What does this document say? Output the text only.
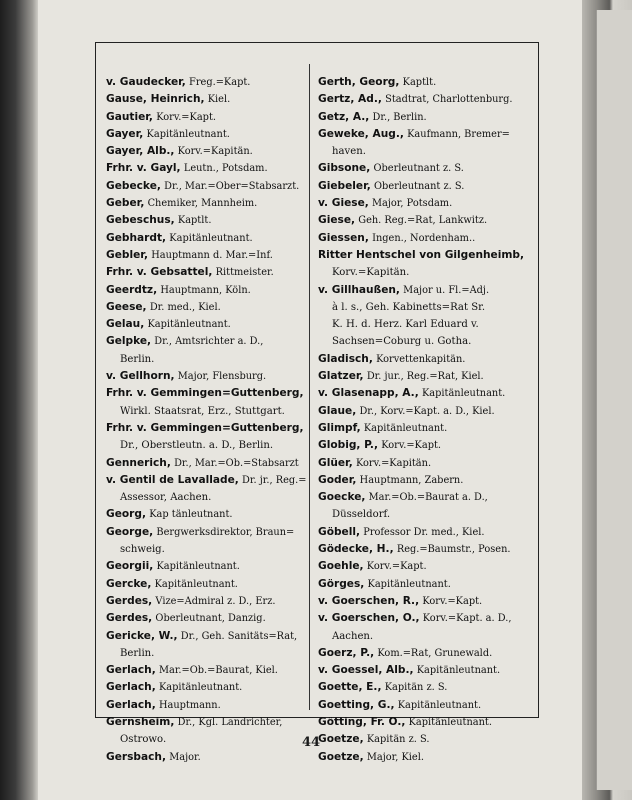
v. Gaudecker, Freg.=Kapt.
Gause, Heinrich, Kiel.
Gautier, Korv.=Kapt.
Gayer, Kapitänleutnant.
Gayer, Alb., Korv.=Kapitän.
Frhr. v. Gayl, Leutn., Potsdam.
Gebecke, Dr., Mar.=Ober=Stabsarzt.
Geber, Chemiker, Mannheim.
Gebeschus, Kaptlt.
Gebhardt, Kapitänleutnant.
Gebler, Hauptmann d. Mar.=Inf.
Frhr. v. Gebsattel, Rittmeister.
Geerdtz, Hauptmann, Köln.
Geese, Dr. med., Kiel.
Gelau, Kapitänleutnant.
Gelpke, Dr., Amtsrichter a. D.,
Berlin.
v. Gellhorn, Major, Flensburg.
Frhr. v. Gemmingen=Guttenberg,
Wirkl. Staatsrat, Erz., Stuttgart.
Frhr. v. Gemmingen=Guttenberg,
Dr., Oberstleutn. a. D., Berlin.
Gennerich, Dr., Mar.=Ob.=Stabsarzt
v. Gentil de Lavallade, Dr. jr., Reg.=
Assessor, Aachen.
Georg, Kap tänleutnant.
George, Bergwerksdirektor, Braun=
schweig.
Georgii, Kapitänleutnant.
Gercke, Kapitänleutnant.
Gerdes, Vize=Admiral z. D., Erz.
Gerdes, Oberleutnant, Danzig.
Gericke, W., Dr., Geh. Sanitäts=Rat,
Berlin.
Gerlach, Mar.=Ob.=Baurat, Kiel.
Gerlach, Kapitänleutnant.
Gerlach, Hauptmann.
Gernsheim, Dr., Kgl. Landrichter,
Ostrowo.
Gersbach, Major.
Gerth, Georg, Kaptlt.
Gertz, Ad., Stadtrat, Charlottenburg.
Getz, A., Dr., Berlin.
Geweke, Aug., Kaufmann, Bremer=
haven.
Gibsone, Oberleutnant z. S.
Giebeler, Oberleutnant z. S.
v. Giese, Major, Potsdam.
Giese, Geh. Reg.=Rat, Lankwitz.
Giessen, Ingen., Nordenham..
Ritter Hentschel von Gilgenheimb,
Korv.=Kapitän.
v. Gillhaußen, Major u. Fl.=Adj.
à l. s., Geh. Kabinetts=Rat Sr.
K. H. d. Herz. Karl Eduard v.
Sachsen=Coburg u. Gotha.
Gladisch, Korvettenkapitän.
Glatzer, Dr. jur., Reg.=Rat, Kiel.
v. Glasenapp, A., Kapitänleutnant.
Glaue, Dr., Korv.=Kapt. a. D., Kiel.
Glimpf, Kapitänleutnant.
Globig, P., Korv.=Kapt.
Glüer, Korv.=Kapitän.
Goder, Hauptmann, Zabern.
Goecke, Mar.=Ob.=Baurat a. D.,
Düsseldorf.
Göbell, Professor Dr. med., Kiel.
Gödecke, H., Reg.=Baumstr., Posen.
Goehle, Korv.=Kapt.
Görges, Kapitänleutnant.
v. Goerschen, R., Korv.=Kapt.
v. Goerschen, O., Korv.=Kapt. a. D.,
Aachen.
Goerz, P., Kom.=Rat, Grunewald.
v. Goessel, Alb., Kapitänleutnant.
Goette, E., Kapitän z. S.
Goetting, G., Kapitänleutnant.
Götting, Fr. O., Kapitänleutnant.
Goetze, Kapitän z. S.
Goetze, Major, Kiel.
44
